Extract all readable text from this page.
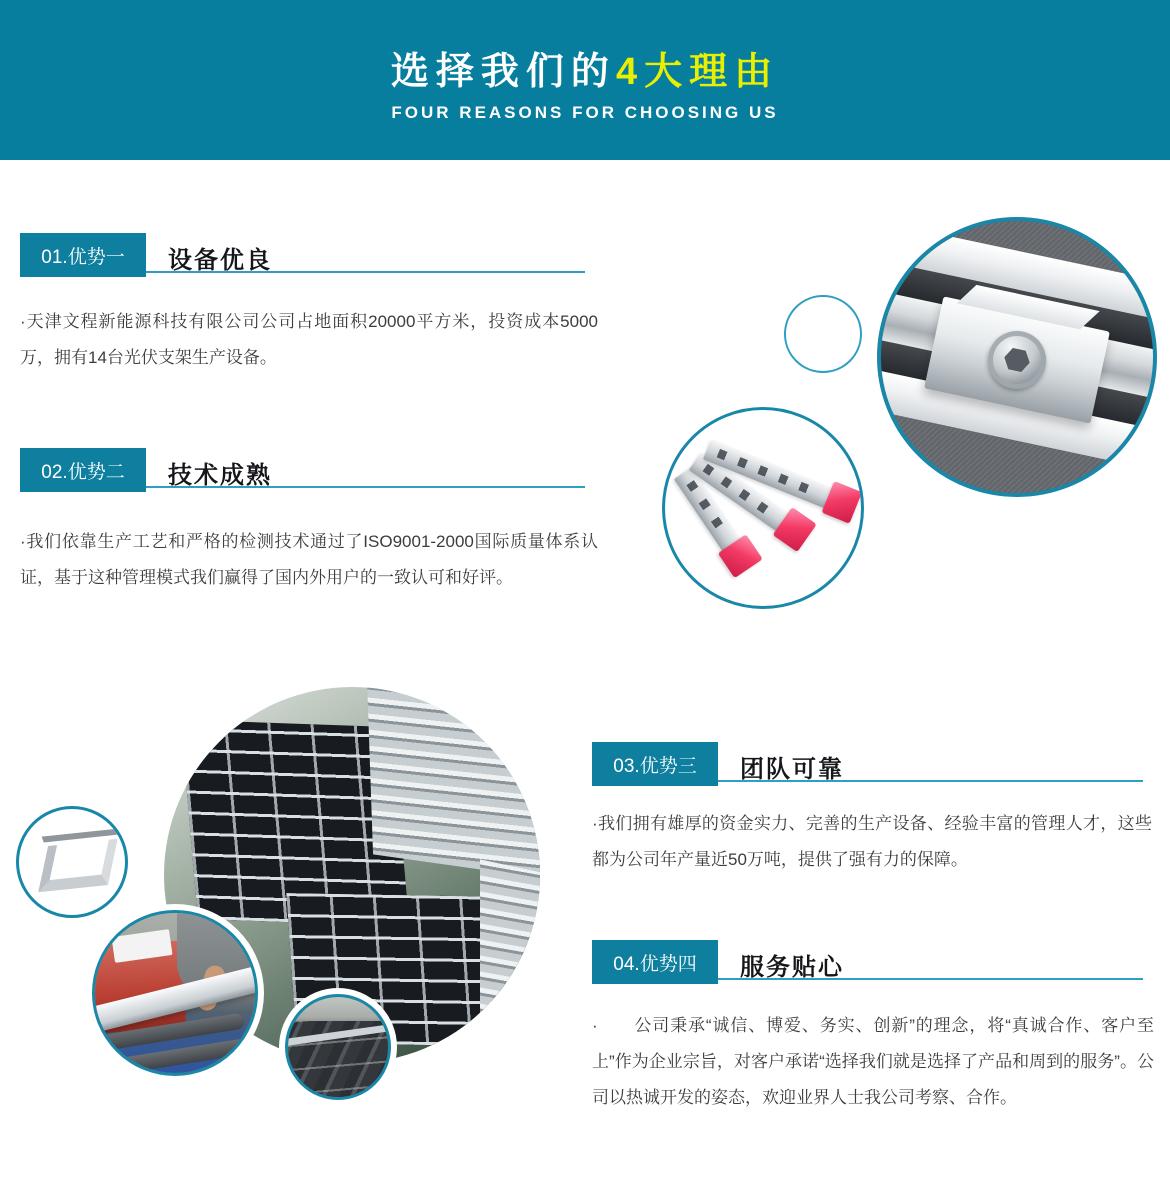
选择我们的4大理由
FOUR REASONS FOR CHOOSING US
01.优势一	设备优良
·天津文程新能源科技有限公司公司占地面积20000平方米，投资成本5000万，拥有14台光伏支架生产设备。
02.优势二	技术成熟
·我们依靠生产工艺和严格的检测技术通过了ISO9001-2000国际质量体系认证，基于这种管理模式我们赢得了国内外用户的一致认可和好评。
03.优势三	团队可靠
·我们拥有雄厚的资金实力、完善的生产设备、经验丰富的管理人才，这些都为公司年产量近50万吨，提供了强有力的保障。
04.优势四	服务贴心
·　　公司秉承“诚信、博爱、务实、创新”的理念，将“真诚合作、客户至上”作为企业宗旨，对客户承诺“选择我们就是选择了产品和周到的服务”。公司以热诚开发的姿态，欢迎业界人士我公司考察、合作。
